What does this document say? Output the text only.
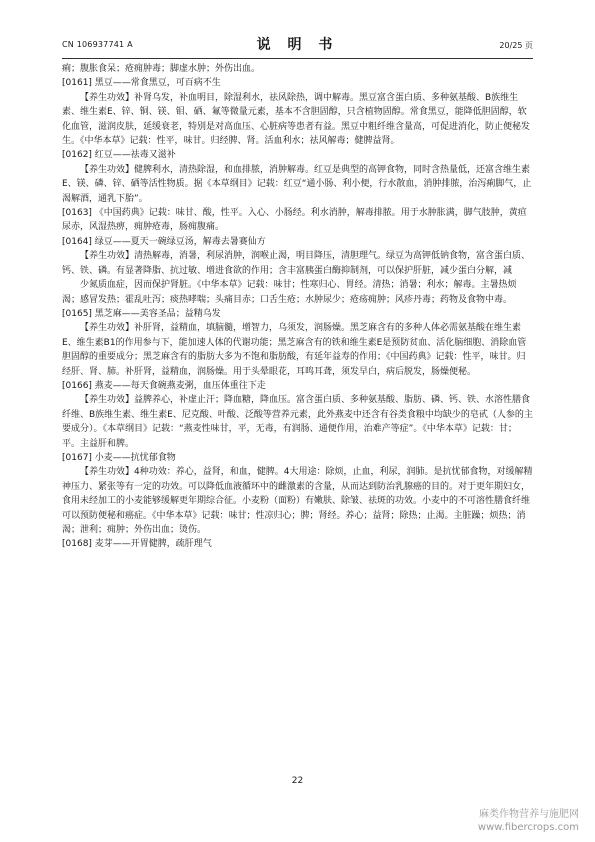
CN 106937741 A	说 明 书	20/25 页

痢；腹胀食呆；疮痈肿毒；脚虚水肿；外伤出血。

[0161] 黑豆——常食黑豆，可百病不生

【养生功效】补肾乌发，补血明目，除湿利水，祛风除热，调中解毒。黑豆富含蛋白质、多种氨基酸、B族维生素、维生素E、锌、铜、镁、钼、硒、氟等微量元素，基本不含胆固醇，只含植物固醇。常食黑豆，能降低胆固醇，软化血管，滋润皮肤，延缓衰老，特别是对高血压、心脏病等患者有益。黑豆中粗纤维含量高，可促进消化，防止便秘发生。《中华本草》记载：性平，味甘。归经脾、肾。活血利水；祛风解毒；健脾益肾。

[0162] 红豆——祛毒又滋补

【养生功效】健脾利水，清热除湿，和血排脓，消肿解毒。红豆是典型的高钾食物，同时含热量低，还富含维生素E、镁、磷、锌、硒等活性物质。据《本草纲目》记载：红豆“通小肠、利小便，行水散血，消肿排脓，治泻痢脚气，止渴解酒，通乳下胎”。

[0163] 《中国药典》记载：味甘、酸，性平。入心、小肠经。利水消肿，解毒排脓。用于水肿胀满，脚气肢肿，黄疸尿赤，风湿热痹，痈肿疮毒，肠痈腹痛。

[0164] 绿豆——夏天一碗绿豆汤，解毒去暑赛仙方

【养生功效】清热解毒，消暑，利尿消肿，润喉止渴，明目降压，清胆理气。绿豆为高钾低钠食物，富含蛋白质、钙、铁、磷。有显著降脂、抗过敏、增进食欲的作用；含丰富胰蛋白酶抑制剂，可以保护肝脏，减少蛋白分解，减

少氮质血症，因而保护肾脏。《中华本草》记载：味甘；性寒归心、胃经。清热；消暑；利水；解毒。主暑热烦渴；感冒发热；霍乱吐泻；痰热哮喘；头痛目赤；口舌生疮；水肿尿少；疮疡痈肿；风疹丹毒；药物及食物中毒。

[0165] 黑芝麻——美容圣品；益精乌发

【养生功效】补肝肾，益精血，填脑髓，增智力，乌须发，润肠燥。黑芝麻含有的多种人体必需氨基酸在维生素E、维生素B1的作用参与下，能加速人体的代谢功能；黑芝麻含有的铁和维生素E是预防贫血、活化脑细胞、消除血管胆固醇的重要成分；黑芝麻含有的脂肪大多为不饱和脂肪酸，有延年益寿的作用；《中国药典》记载：性平，味甘。归经肝、肾、肺。补肝肾，益精血，润肠燥。用于头晕眼花，耳鸣耳聋，须发早白，病后脱发，肠燥便秘。

[0166] 燕麦——每天食碗燕麦粥，血压体重往下走

【养生功效】益脾养心，补虚止汗；降血糖，降血压。富含蛋白质、多种氨基酸、脂肪、磷、钙、铁、水溶性膳食纤维、B族维生素、维生素E、尼克酸、叶酸、泛酸等营养元素，此外燕麦中还含有谷类食粮中均缺少的皂甙（人参的主要成分）。《本草纲目》记载：“燕麦性味甘，平，无毒，有润肠、通便作用，治难产等症”。《中华本草》记载：甘；平。主益肝和脾。

[0167] 小麦——抗忧郁食物

【养生功效】4种功效：养心，益肾，和血，健脾。4大用途：除烦，止血，利尿，润肺。是抗忧郁食物，对缓解精神压力、紧张等有一定的功效。可以降低血液循环中的雌激素的含量，从而达到防治乳腺癌的目的。对于更年期妇女，食用未经加工的小麦能够缓解更年期综合征。小麦粉（面粉）有嫩肤、除皱、祛斑的功效。小麦中的不可溶性膳食纤维可以预防便秘和癌症。《中华本草》记载：味甘；性凉归心；脾；肾经。养心；益肾；除热；止渴。主脏躁；烦热；消渴；泄利；痈肿；外伤出血；烫伤。

[0168] 麦芽——开胃健脾，疏肝理气

22
麻类作物营养与施肥网
www.fibercrops.com
